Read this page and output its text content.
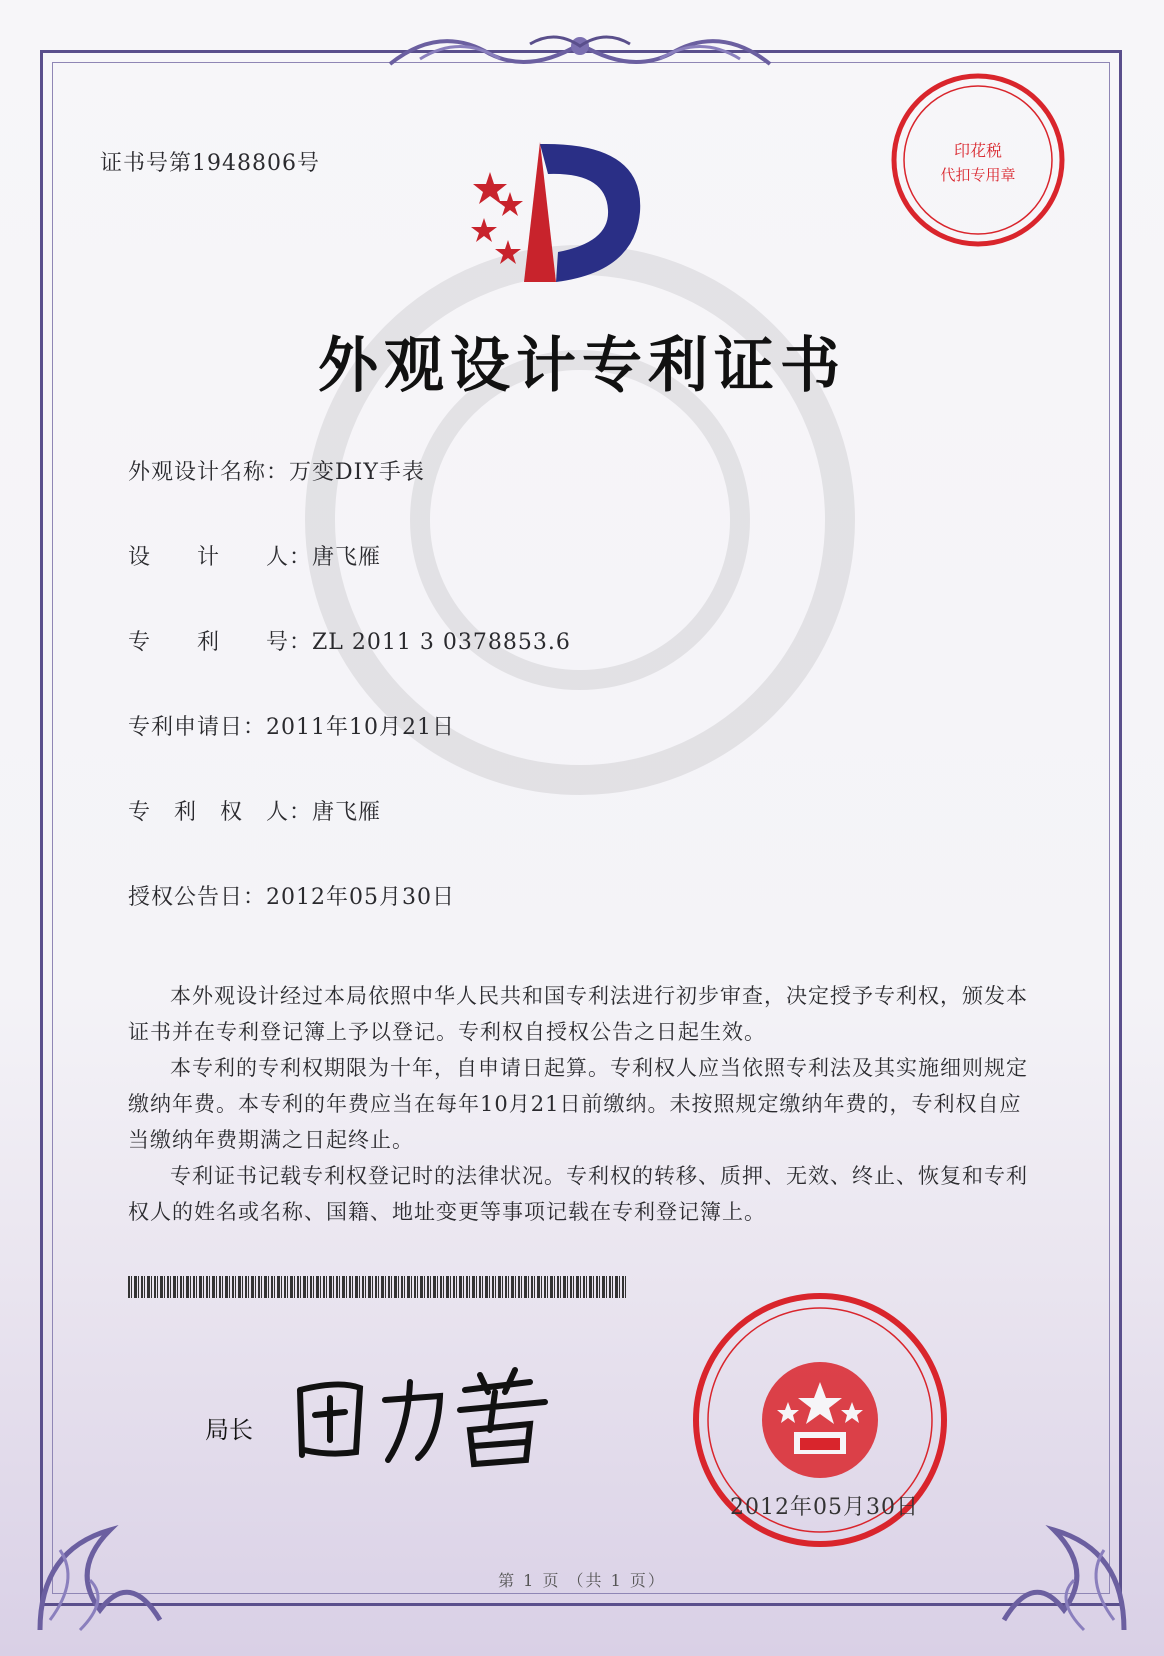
证书号第1948806号
印花税
代扣专用章
外观设计专利证书
外观设计名称：万变DIY手表
设　　计　　人：唐飞雁
专　　利　　号：ZL 2011 3 0378853.6
专利申请日：2011年10月21日
专　利　权　人：唐飞雁
授权公告日：2012年05月30日
本外观设计经过本局依照中华人民共和国专利法进行初步审查，决定授予专利权，颁发本证书并在专利登记簿上予以登记。专利权自授权公告之日起生效。
本专利的专利权期限为十年，自申请日起算。专利权人应当依照专利法及其实施细则规定缴纳年费。本专利的年费应当在每年10月21日前缴纳。未按照规定缴纳年费的，专利权自应当缴纳年费期满之日起终止。
专利证书记载专利权登记时的法律状况。专利权的转移、质押、无效、终止、恢复和专利权人的姓名或名称、国籍、地址变更等事项记载在专利登记簿上。
局长
2012年05月30日
第 1 页 （共 1 页）
